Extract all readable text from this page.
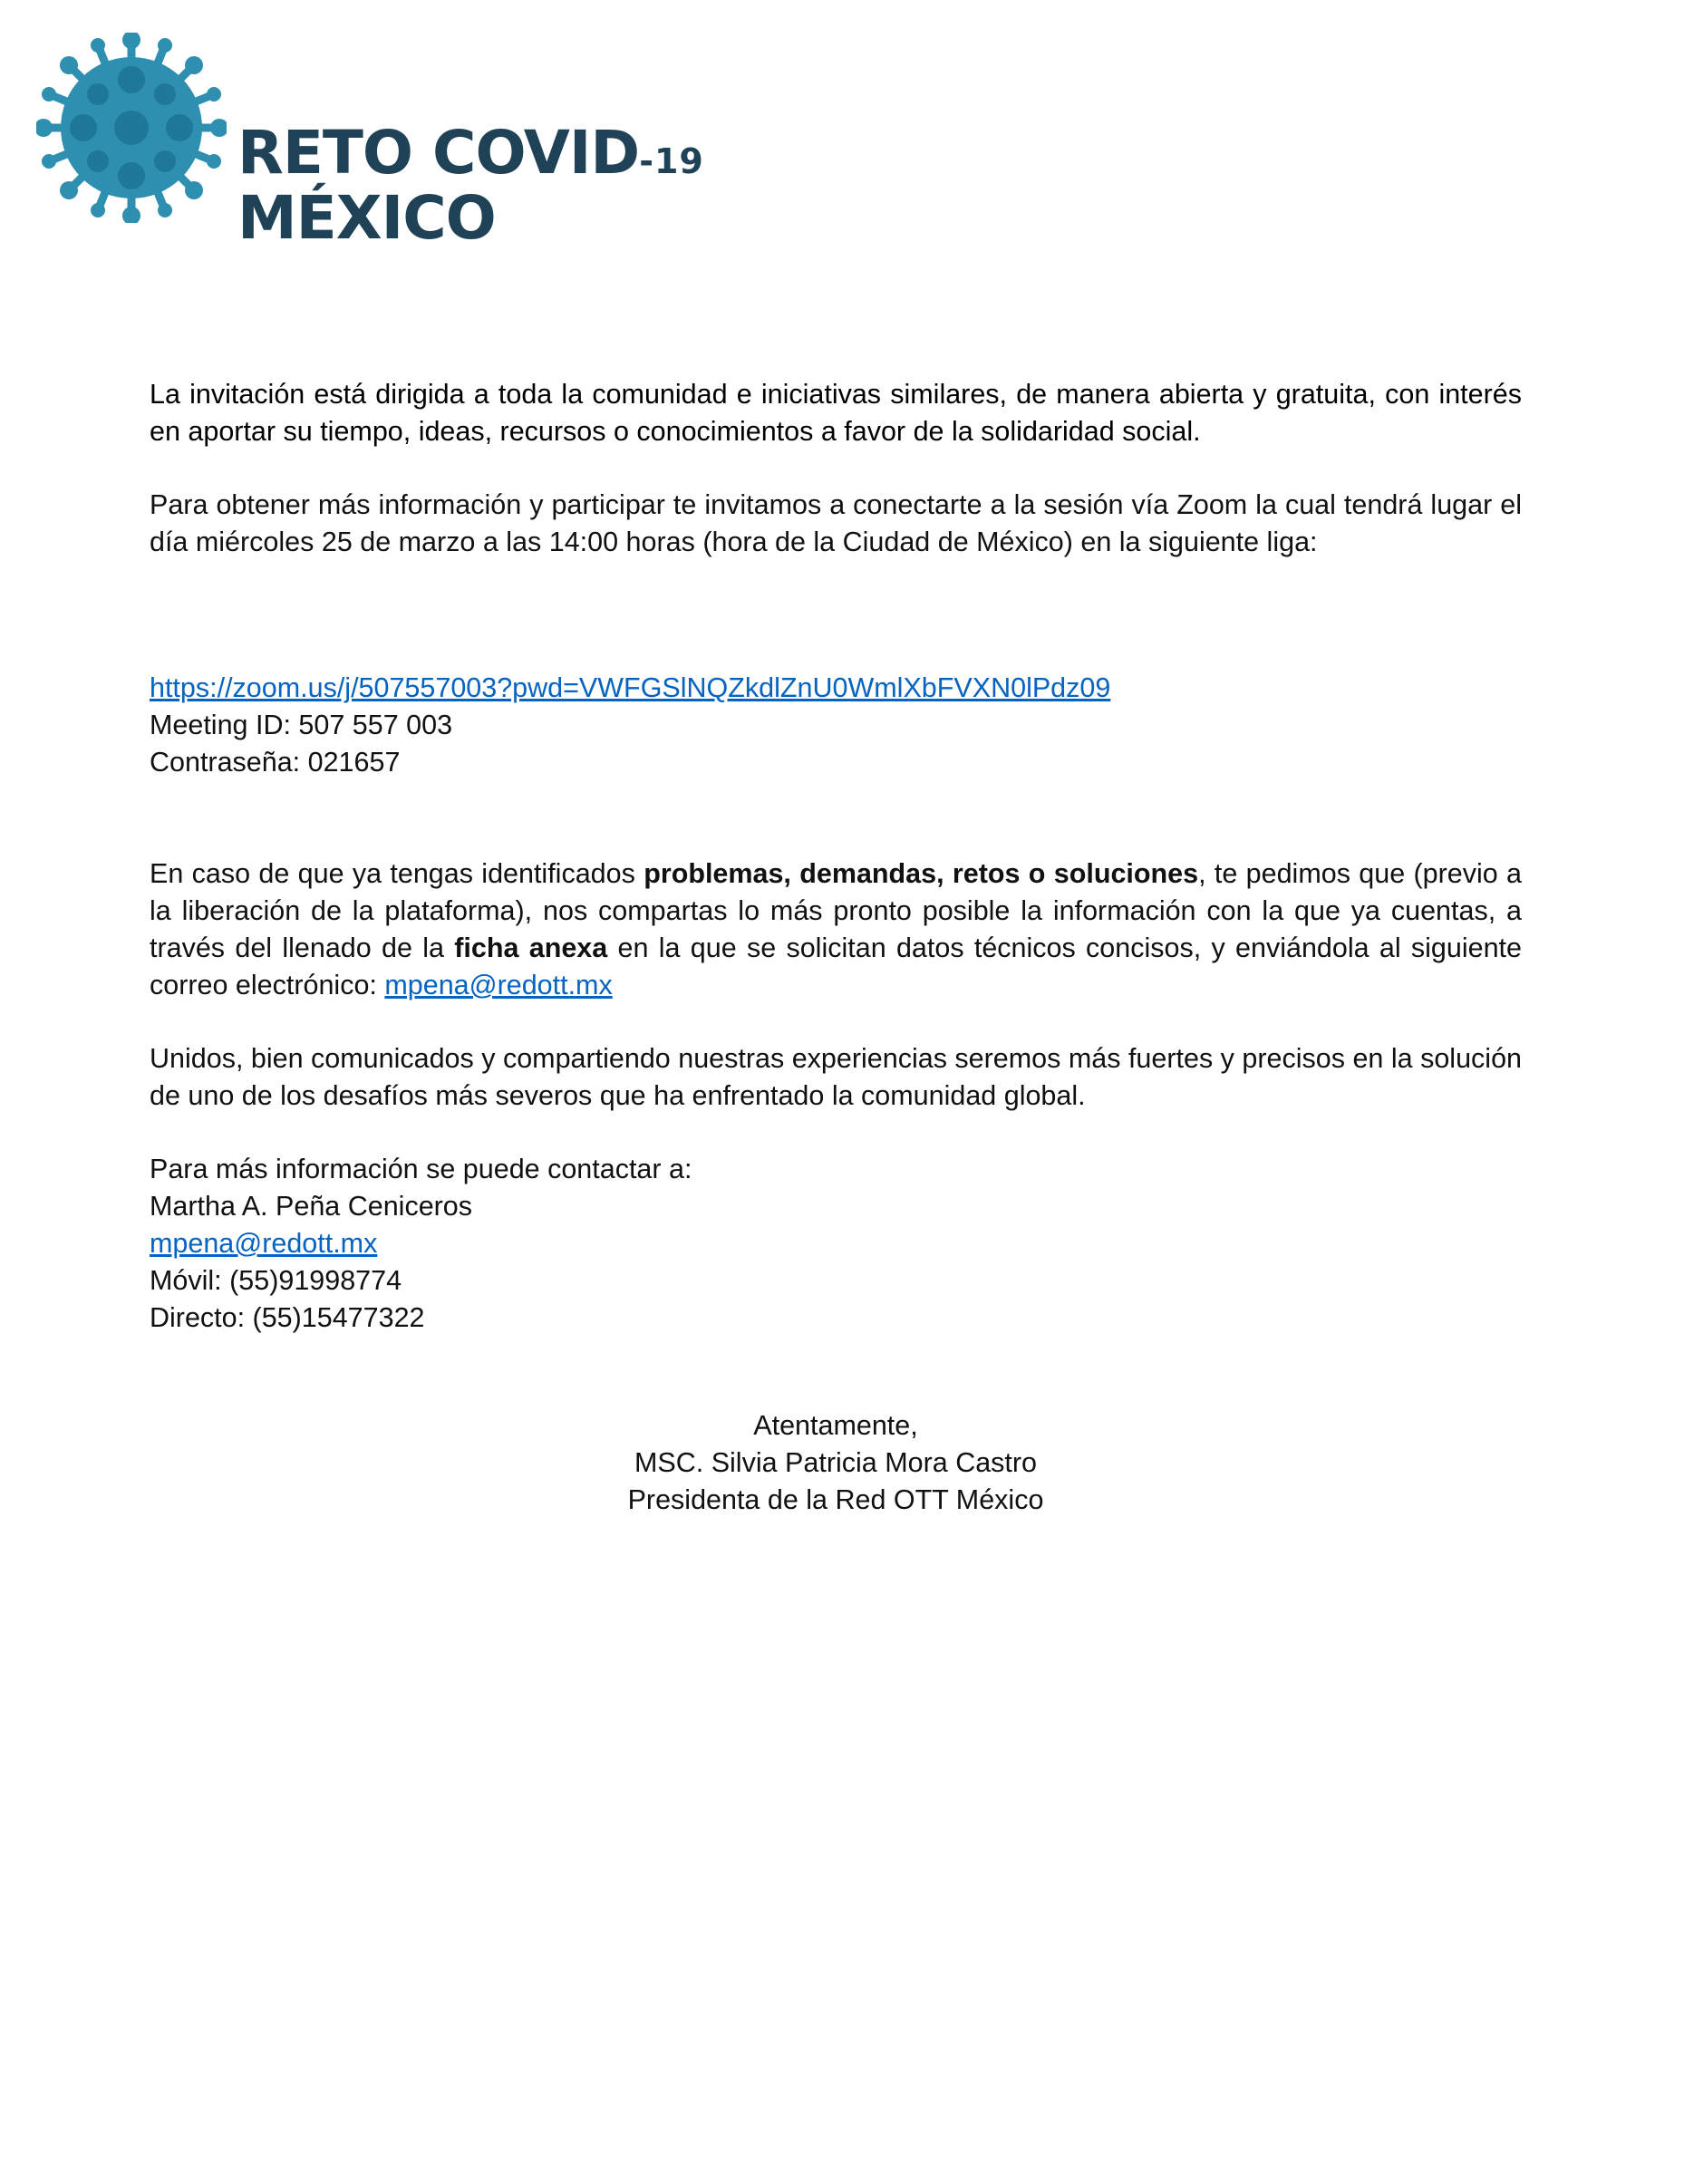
RETO COVID-19
MÉXICO

La invitación está dirigida a toda la comunidad e iniciativas similares, de manera abierta y gratuita, con interés en aportar su tiempo, ideas, recursos o conocimientos a favor de la solidaridad social.

Para obtener más información y participar te invitamos a conectarte a la sesión vía Zoom la cual tendrá lugar el día miércoles 25 de marzo a las 14:00 horas (hora de la Ciudad de México) en la siguiente liga:

https://zoom.us/j/507557003?pwd=VWFGSlNQZkdlZnU0WmlXbFVXN0lPdz09
Meeting ID: 507 557 003
Contraseña: 021657

En caso de que ya tengas identificados problemas, demandas, retos o soluciones, te pedimos que (previo a la liberación de la plataforma), nos compartas lo más pronto posible la información con la que ya cuentas, a través del llenado de la ficha anexa en la que se solicitan datos técnicos concisos, y enviándola al siguiente correo electrónico: mpena@redott.mx

Unidos, bien comunicados y compartiendo nuestras experiencias seremos más fuertes y precisos en la solución de uno de los desafíos más severos que ha enfrentado la comunidad global.

Para más información se puede contactar a:
Martha A. Peña Ceniceros
mpena@redott.mx
Móvil: (55)91998774
Directo: (55)15477322
Atentamente,
MSC. Silvia Patricia Mora Castro
Presidenta de la Red OTT México
